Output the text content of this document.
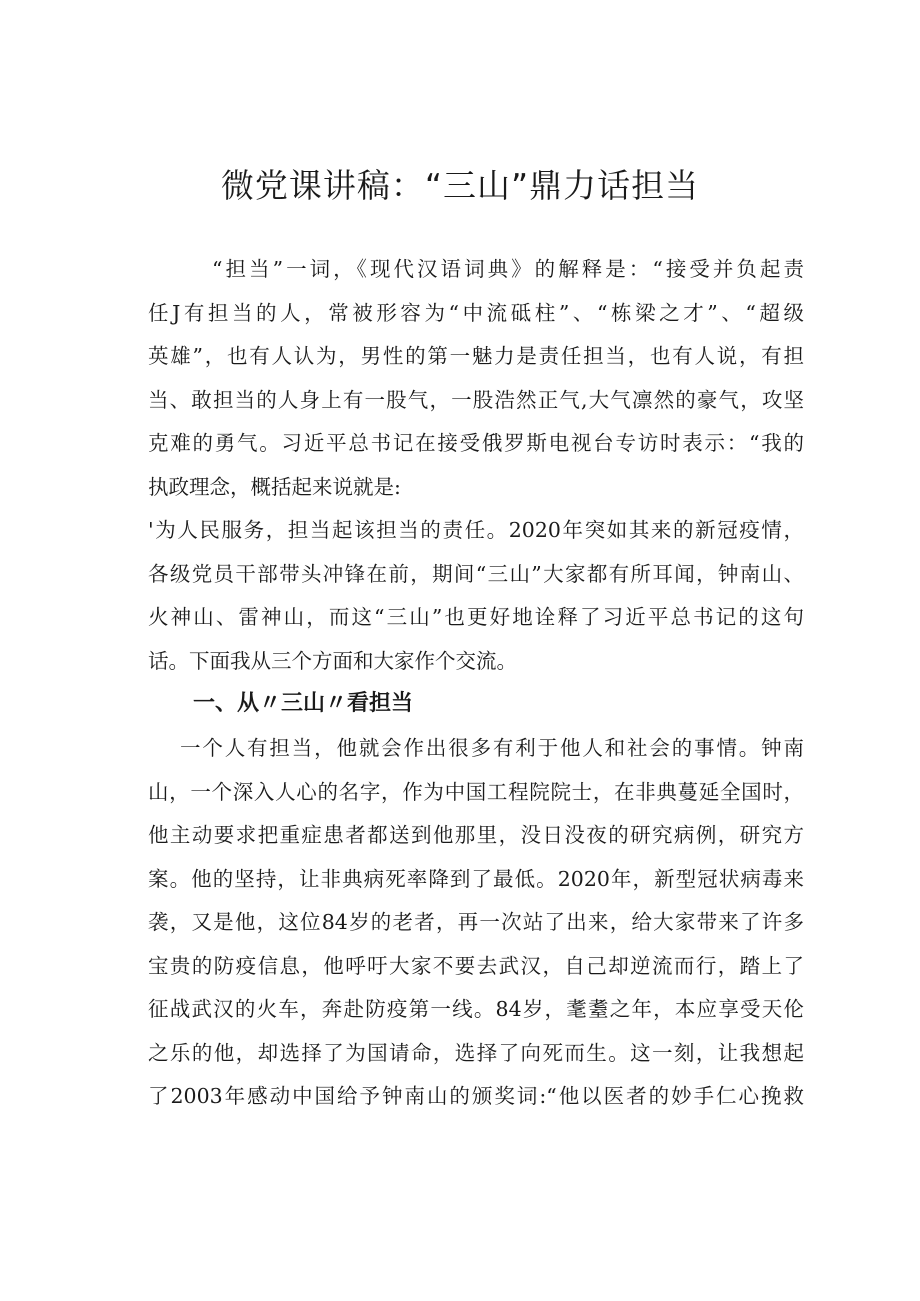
微党课讲稿：“三山”鼎力话担当
“担当”一词，《现代汉语词典》的解释是：“接受并负起责
任J有担当的人，常被形容为“中流砥柱”、“栋梁之才”、“超级
英雄”，也有人认为，男性的第一魅力是责任担当，也有人说，有担
当、敢担当的人身上有一股气，一股浩然正气,大气凛然的豪气，攻坚
克难的勇气。习近平总书记在接受俄罗斯电视台专访时表示：“我的
执政理念，概括起来说就是:
'为人民服务，担当起该担当的责任。2020年突如其来的新冠疫情，
各级党员干部带头冲锋在前，期间“三山”大家都有所耳闻，钟南山、
火神山、雷神山，而这“三山”也更好地诠释了习近平总书记的这句
话。下面我从三个方面和大家作个交流。
一、从〃三山〃看担当
一个人有担当，他就会作出很多有利于他人和社会的事情。钟南
山，一个深入人心的名字，作为中国工程院院士，在非典蔓延全国时，
他主动要求把重症患者都送到他那里，没日没夜的研究病例，研究方
案。他的坚持，让非典病死率降到了最低。2020年，新型冠状病毒来
袭，又是他，这位84岁的老者，再一次站了出来，给大家带来了许多
宝贵的防疫信息，他呼吁大家不要去武汉，自己却逆流而行，踏上了
征战武汉的火车，奔赴防疫第一线。84岁，耄耋之年，本应享受天伦
之乐的他，却选择了为国请命，选择了向死而生。这一刻，让我想起
了2003年感动中国给予钟南山的颁奖词:“他以医者的妙手仁心挽救
